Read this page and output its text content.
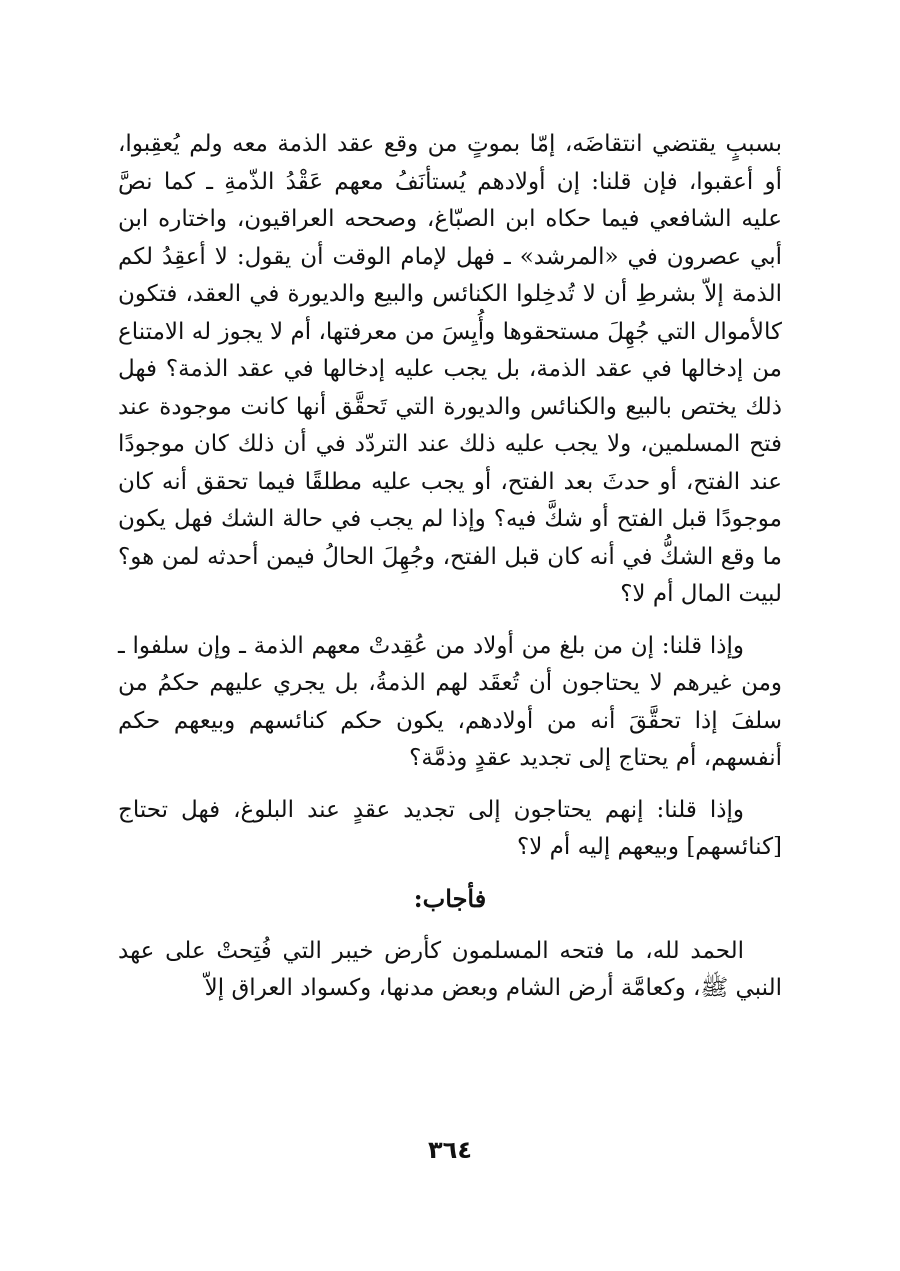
بسببٍ يقتضي انتقاضَه، إمّا بموتٍ من وقع عقد الذمة معه ولم يُعقِبوا، أو أعقبوا، فإن قلنا: إن أولادهم يُستأنَفُ معهم عَقْدُ الذّمةِ ـ كما نصَّ عليه الشافعي فيما حكاه ابن الصبّاغ، وصححه العراقيون، واختاره ابن أبي عصرون في «المرشد» ـ فهل لإمام الوقت أن يقول: لا أعقِدُ لكم الذمة إلاّ بشرطِ أن لا تُدخِلوا الكنائس والبيع والديورة في العقد، فتكون كالأموال التي جُهِلَ مستحقوها وأُيِسَ من معرفتها، أم لا يجوز له الامتناع من إدخالها في عقد الذمة، بل يجب عليه إدخالها في عقد الذمة؟ فهل ذلك يختص بالبيع والكنائس والديورة التي تَحقَّق أنها كانت موجودة عند فتح المسلمين، ولا يجب عليه ذلك عند التردّد في أن ذلك كان موجودًا عند الفتح، أو حدثَ بعد الفتح، أو يجب عليه مطلقًا فيما تحقق أنه كان موجودًا قبل الفتح أو شكَّ فيه؟ وإذا لم يجب في حالة الشك فهل يكون ما وقع الشكُّ في أنه كان قبل الفتح، وجُهِلَ الحالُ فيمن أحدثه لمن هو؟ لبيت المال أم لا؟

وإذا قلنا: إن من بلغ من أولاد من عُقِدتْ معهم الذمة ـ وإن سلفوا ـ ومن غيرهم لا يحتاجون أن تُعقَد لهم الذمةُ، بل يجري عليهم حكمُ من سلفَ إذا تحقَّقَ أنه من أولادهم، يكون حكم كنائسهم وبيعهم حكم أنفسهم، أم يحتاج إلى تجديد عقدٍ وذمَّة؟

وإذا قلنا: إنهم يحتاجون إلى تجديد عقدٍ عند البلوغ، فهل تحتاج [كنائسهم] وبيعهم إليه أم لا؟

فأجاب:

الحمد لله، ما فتحه المسلمون كأرض خيبر التي فُتِحتْ على عهد النبي ﷺ، وكعامَّة أرض الشام وبعض مدنها، وكسواد العراق إلاّ

٣٦٤
